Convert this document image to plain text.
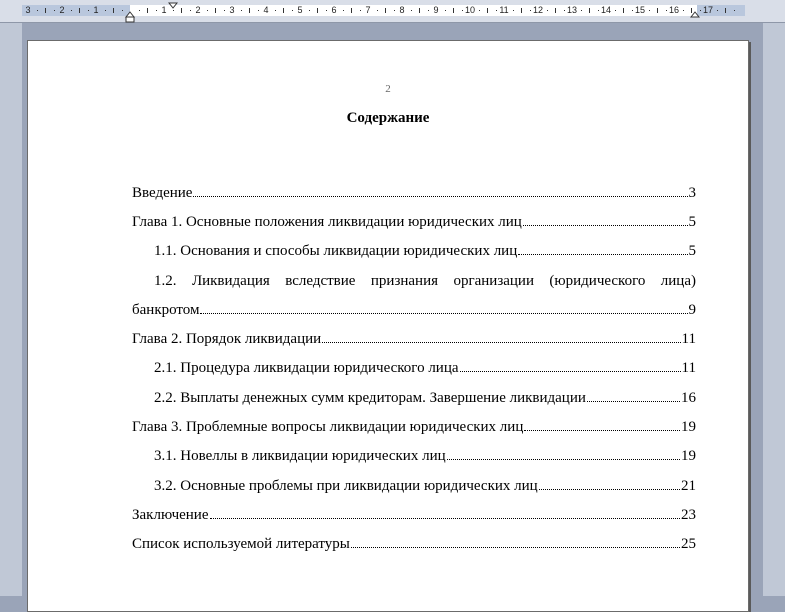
3	2	1	1	2	3	4	5	6	7	8	9	10	11	12	13	14	15	16	17
2
Содержание
Введение	3
Глава 1. Основные положения ликвидации юридических лиц	5
1.1. Основания и способы ликвидации юридических лиц	5
1.2. Ликвидация вследствие признания организации (юридического лица)
банкротом	9
Глава 2. Порядок ликвидации	11
2.1. Процедура ликвидации юридического лица	11
2.2. Выплаты денежных сумм кредиторам. Завершение ликвидации	16
Глава 3. Проблемные вопросы ликвидации юридических лиц	19
3.1. Новеллы в ликвидации юридических лиц	19
3.2. Основные проблемы при ликвидации юридических лиц	21
Заключение	23
Список используемой литературы	25
